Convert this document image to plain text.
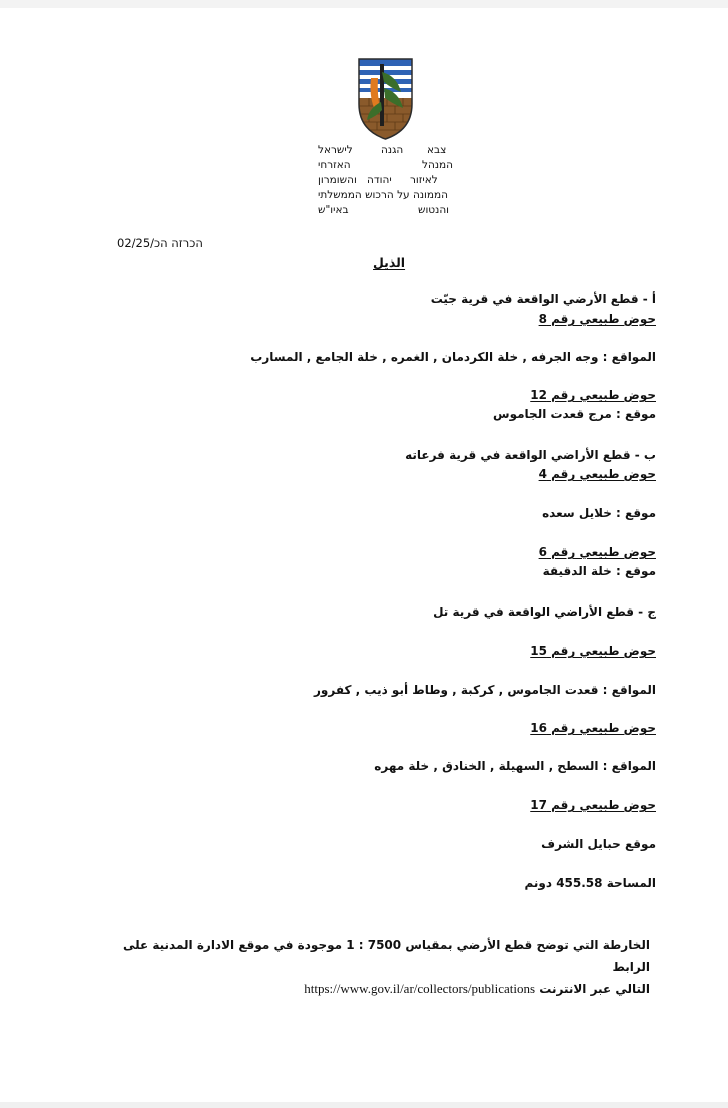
צבא
הגנה
לישראל
המנהל
האזרחי
לאיזור
יהודה
והשומרון
הממונה על הרכוש הממשלתי
והנטוש
באיו"ש
הכרזה הכ/02/25
الذيل
أ - قطع الأرضي الواقعة في قرية جيّت
حوض طبيعي رقم 8
المواقع : وجه الجرفه , خلة الكردمان , الغمره , خلة الجامع , المسارب
حوض طبيعي رقم 12
موقع : مرج قعدت الجاموس
ب - قطع الأراضي الواقعة في قرية فرعاته
حوض طبيعي رقم 4
موقع : خلايل سعده
حوض طبيعي رقم 6
موقع : خلة الدقيقة
ج - قطع الأراضي الواقعة في قرية تل
حوض طبيعي رقم 15
المواقع : قعدت الجاموس , كركبة , وطاط أبو ذيب , كفرور
حوض طبيعي رقم 16
المواقع : السطح , السهيلة , الخنادق , خلة مهره
حوض طبيعي رقم 17
موقع حبايل الشرف
المساحة 455.58 دونم
الخارطة التي توضح قطع الأرضي بمقياس 7500 : 1 موجودة في موقع الادارة المدنية على الرابط
التالي عبر الانترنت https://www.gov.il/ar/collectors/publications
